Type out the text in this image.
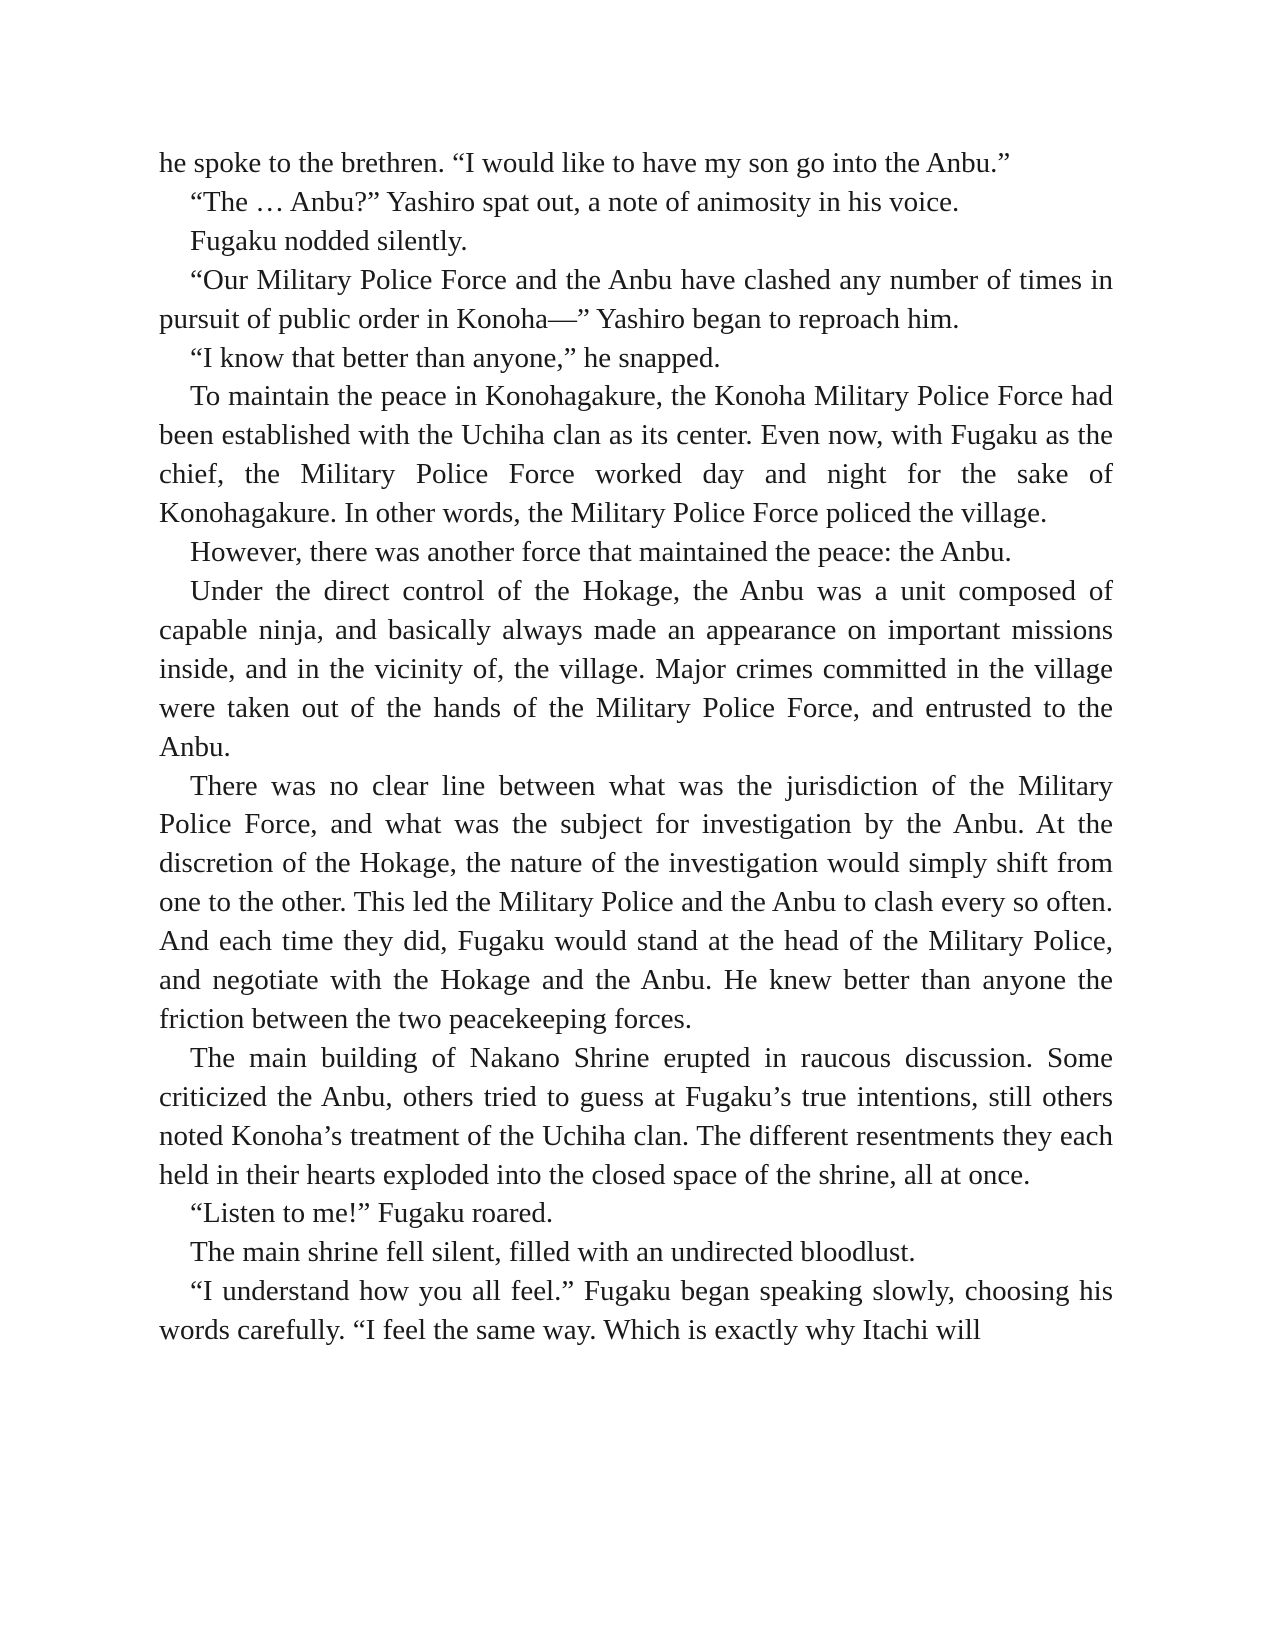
he spoke to the brethren. “I would like to have my son go into the Anbu.”

“The … Anbu?” Yashiro spat out, a note of animosity in his voice.

Fugaku nodded silently.

“Our Military Police Force and the Anbu have clashed any number of times in pursuit of public order in Konoha—” Yashiro began to reproach him.

“I know that better than anyone,” he snapped.

To maintain the peace in Konohagakure, the Konoha Military Police Force had been established with the Uchiha clan as its center. Even now, with Fugaku as the chief, the Military Police Force worked day and night for the sake of Konohagakure. In other words, the Military Police Force policed the village.

However, there was another force that maintained the peace: the Anbu.

Under the direct control of the Hokage, the Anbu was a unit composed of capable ninja, and basically always made an appearance on important missions inside, and in the vicinity of, the village. Major crimes committed in the village were taken out of the hands of the Military Police Force, and entrusted to the Anbu.

There was no clear line between what was the jurisdiction of the Military Police Force, and what was the subject for investigation by the Anbu. At the discretion of the Hokage, the nature of the investigation would simply shift from one to the other. This led the Military Police and the Anbu to clash every so often. And each time they did, Fugaku would stand at the head of the Military Police, and negotiate with the Hokage and the Anbu. He knew better than anyone the friction between the two peacekeeping forces.

The main building of Nakano Shrine erupted in raucous discussion. Some criticized the Anbu, others tried to guess at Fugaku’s true intentions, still others noted Konoha’s treatment of the Uchiha clan. The different resentments they each held in their hearts exploded into the closed space of the shrine, all at once.

“Listen to me!” Fugaku roared.

The main shrine fell silent, filled with an undirected bloodlust.

“I understand how you all feel.” Fugaku began speaking slowly, choosing his words carefully. “I feel the same way. Which is exactly why Itachi will
